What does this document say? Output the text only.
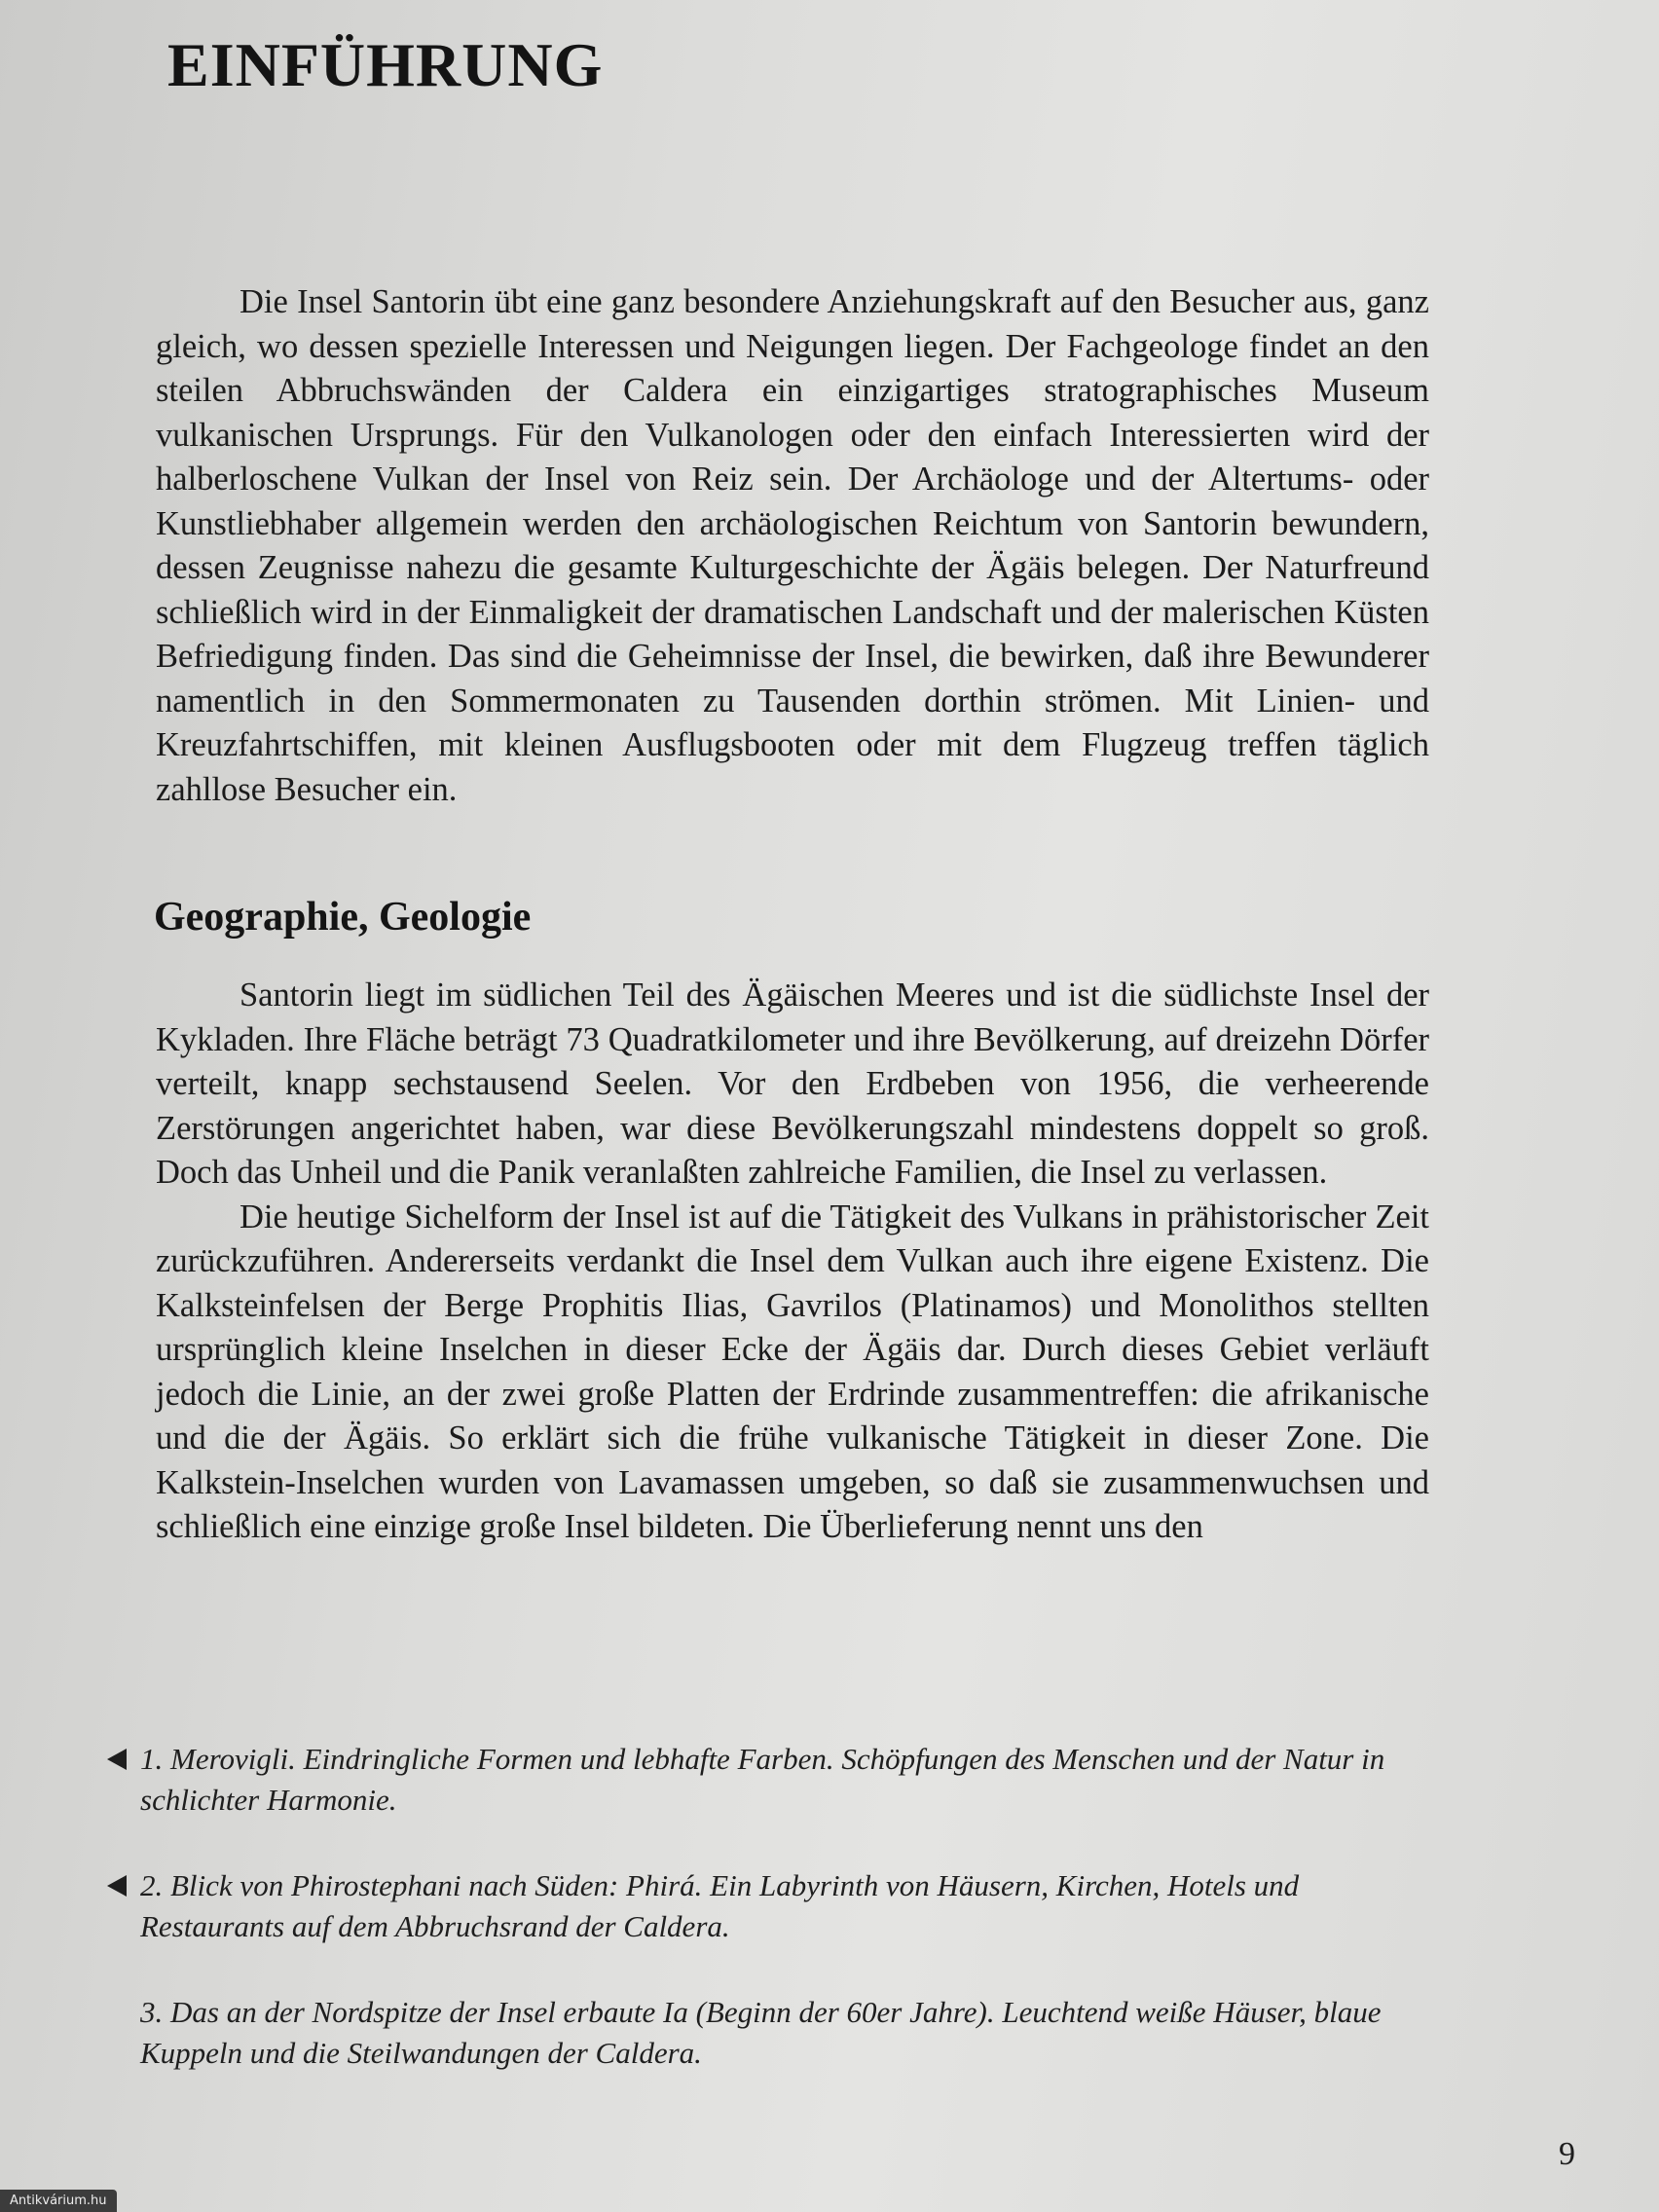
EINFÜHRUNG

Die Insel Santorin übt eine ganz besondere Anziehungskraft auf den Besucher aus, ganz gleich, wo dessen spezielle Interessen und Neigungen liegen. Der Fachgeologe findet an den steilen Abbruchswänden der Caldera ein einzigartiges stratographisches Museum vulkanischen Ursprungs. Für den Vulkanologen oder den einfach Interessierten wird der halberloschene Vulkan der Insel von Reiz sein. Der Archäologe und der Altertums- oder Kunstliebhaber allgemein werden den archäologischen Reichtum von Santorin bewundern, dessen Zeugnisse nahezu die gesamte Kulturgeschichte der Ägäis belegen. Der Naturfreund schließlich wird in der Einmaligkeit der dramatischen Landschaft und der malerischen Küsten Befriedigung finden. Das sind die Geheimnisse der Insel, die bewirken, daß ihre Bewunderer namentlich in den Sommermonaten zu Tausenden dorthin strömen. Mit Linien- und Kreuzfahrtschiffen, mit kleinen Ausflugsbooten oder mit dem Flugzeug treffen täglich zahllose Besucher ein.

Geographie, Geologie

Santorin liegt im südlichen Teil des Ägäischen Meeres und ist die südlichste Insel der Kykladen. Ihre Fläche beträgt 73 Quadratkilometer und ihre Bevölkerung, auf dreizehn Dörfer verteilt, knapp sechstausend Seelen. Vor den Erdbeben von 1956, die verheerende Zerstörungen angerichtet haben, war diese Bevölkerungszahl mindestens doppelt so groß. Doch das Unheil und die Panik veranlaßten zahlreiche Familien, die Insel zu verlassen.

Die heutige Sichelform der Insel ist auf die Tätigkeit des Vulkans in prähistorischer Zeit zurückzuführen. Andererseits verdankt die Insel dem Vulkan auch ihre eigene Existenz. Die Kalksteinfelsen der Berge Prophitis Ilias, Gavrilos (Platinamos) und Monolithos stellten ursprünglich kleine Inselchen in dieser Ecke der Ägäis dar. Durch dieses Gebiet verläuft jedoch die Linie, an der zwei große Platten der Erdrinde zusammentreffen: die afrikanische und die der Ägäis. So erklärt sich die frühe vulkanische Tätigkeit in dieser Zone. Die Kalkstein-Inselchen wurden von Lavamassen umgeben, so daß sie zusammenwuchsen und schließlich eine einzige große Insel bildeten. Die Überlieferung nennt uns den

1. Merovigli. Eindringliche Formen und lebhafte Farben. Schöpfungen des Menschen und der Natur in schlichter Harmonie.
2. Blick von Phirostephani nach Süden: Phirá. Ein Labyrinth von Häusern, Kirchen, Hotels und Restaurants auf dem Abbruchsrand der Caldera.
3. Das an der Nordspitze der Insel erbaute Ia (Beginn der 60er Jahre). Leuchtend weiße Häuser, blaue Kuppeln und die Steilwandungen der Caldera.
9
Antikvárium.hu
